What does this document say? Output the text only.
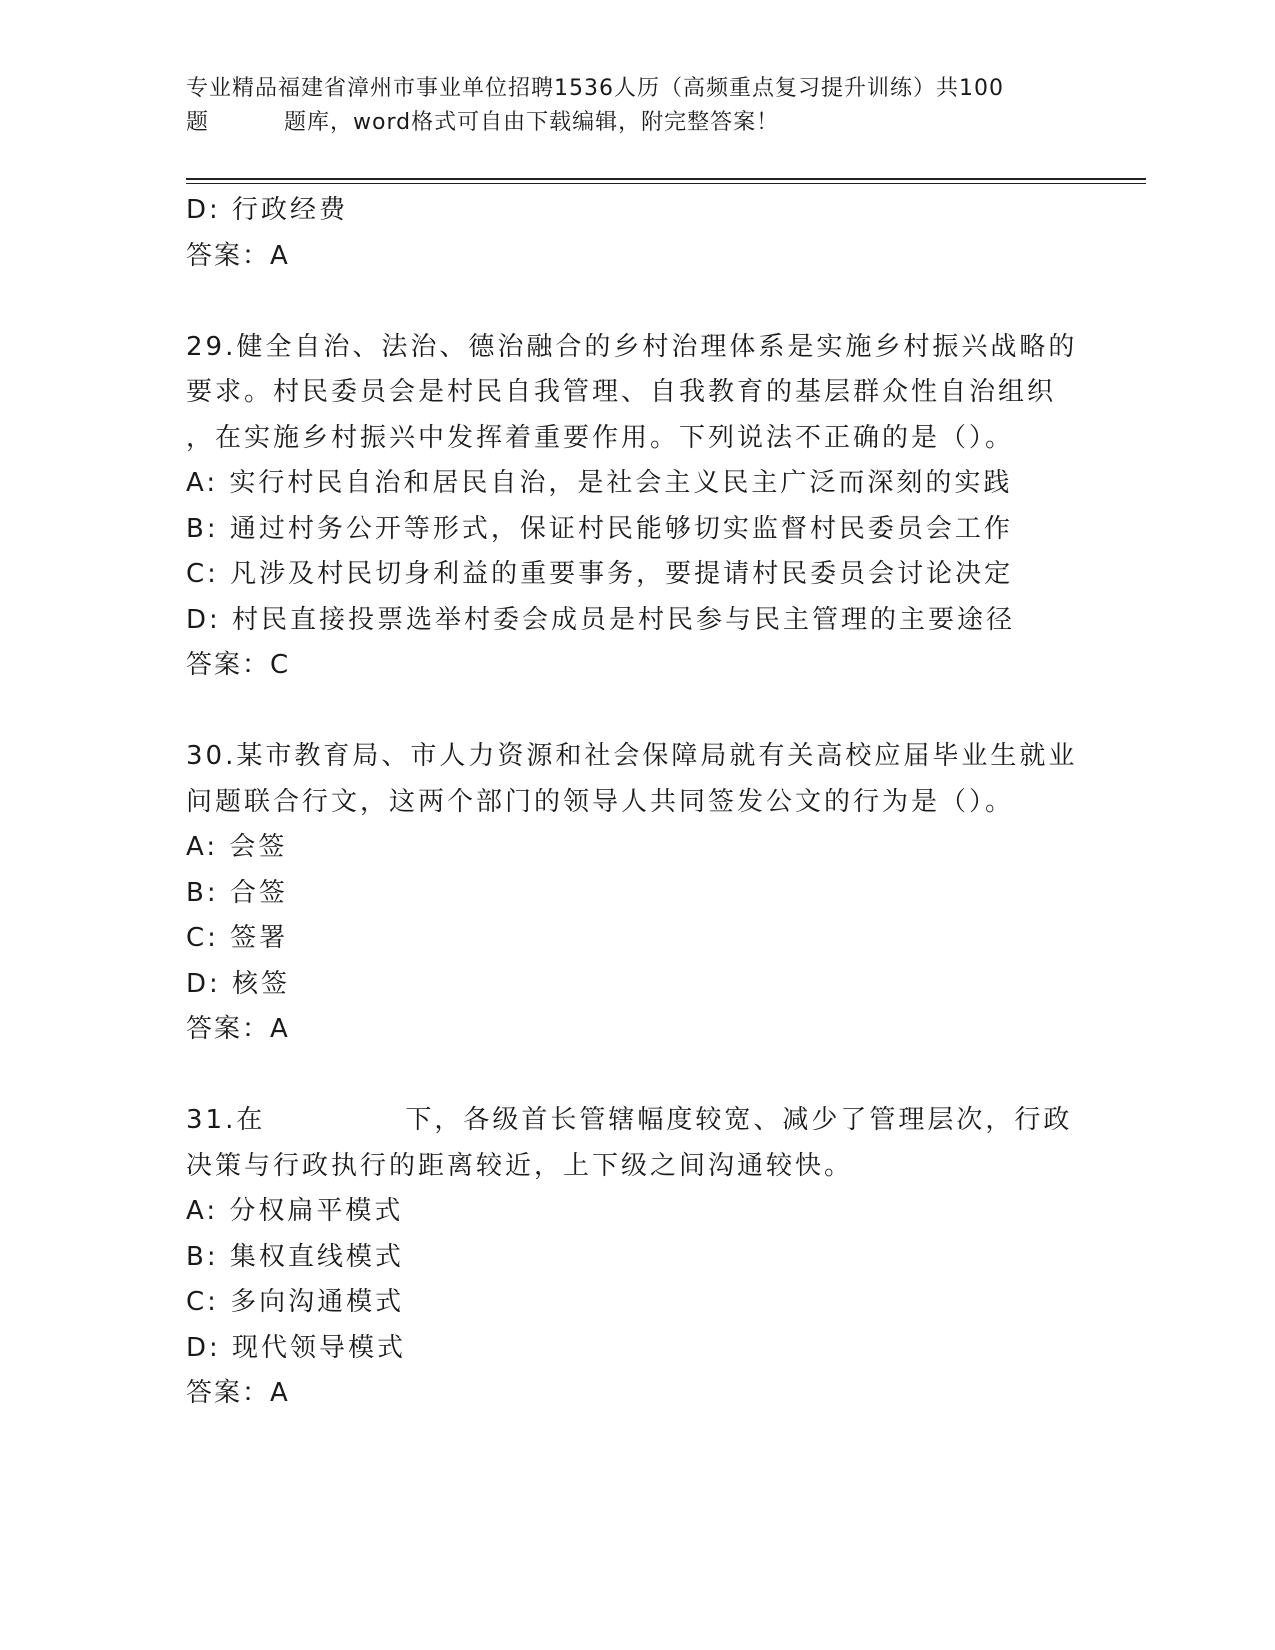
专业精品福建省漳州市事业单位招聘1536人历（高频重点复习提升训练）共100
题	题库，word格式可自由下载编辑，附完整答案！
D: 行政经费
答案：A
29.健全自治、法治、德治融合的乡村治理体系是实施乡村振兴战略的
要求。村民委员会是村民自我管理、自我教育的基层群众性自治组织
，在实施乡村振兴中发挥着重要作用。下列说法不正确的是（）。
A: 实行村民自治和居民自治，是社会主义民主广泛而深刻的实践
B: 通过村务公开等形式，保证村民能够切实监督村民委员会工作
C: 凡涉及村民切身利益的重要事务，要提请村民委员会讨论决定
D: 村民直接投票选举村委会成员是村民参与民主管理的主要途径
答案：C
30.某市教育局、市人力资源和社会保障局就有关高校应届毕业生就业
问题联合行文，这两个部门的领导人共同签发公文的行为是（）。
A: 会签
B: 合签
C: 签署
D: 核签
答案：A
31.在	下，各级首长管辖幅度较宽、减少了管理层次，行政
决策与行政执行的距离较近，上下级之间沟通较快。
A: 分权扁平模式
B: 集权直线模式
C: 多向沟通模式
D: 现代领导模式
答案：A
